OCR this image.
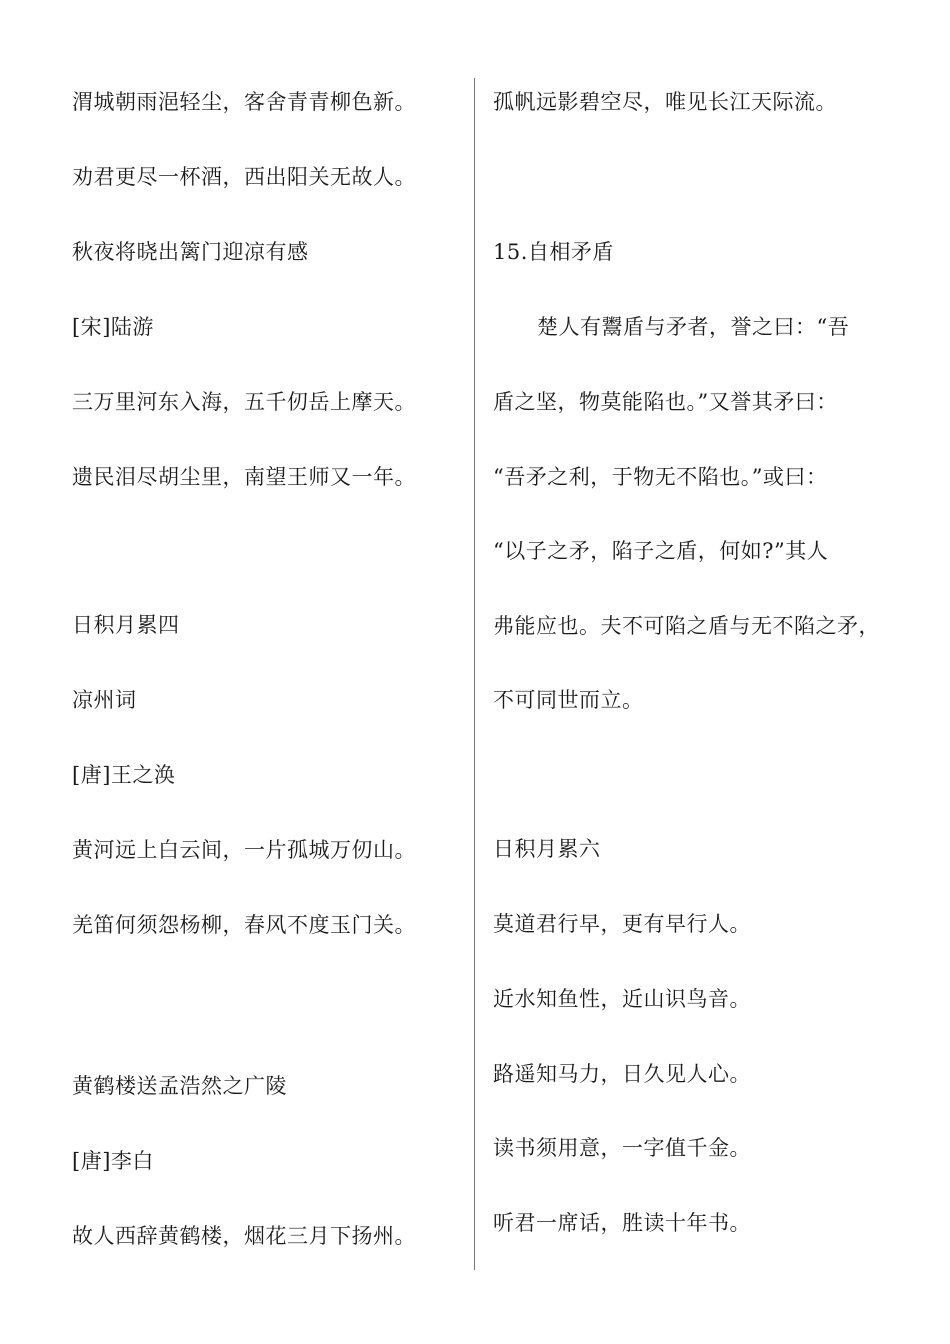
渭城朝雨浥轻尘，客舍青青柳色新。
劝君更尽一杯酒，西出阳关无故人。
秋夜将晓出篱门迎凉有感
[宋]陆游
三万里河东入海，五千仞岳上摩天。
遗民泪尽胡尘里，南望王师又一年。
日积月累四
凉州词
[唐]王之涣
黄河远上白云间，一片孤城万仞山。
羌笛何须怨杨柳，春风不度玉门关。
黄鹤楼送孟浩然之广陵
[唐]李白
故人西辞黄鹤楼，烟花三月下扬州。
孤帆远影碧空尽，唯见长江天际流。
15.自相矛盾
楚人有鬻盾与矛者，誉之曰：“吾
盾之坚，物莫能陷也。”又誉其矛曰：
“吾矛之利，于物无不陷也。”或曰：
“以子之矛，陷子之盾，何如?”其人
弗能应也。夫不可陷之盾与无不陷之矛，
不可同世而立。
日积月累六
莫道君行早，更有早行人。
近水知鱼性，近山识鸟音。
路遥知马力，日久见人心。
读书须用意，一字值千金。
听君一席话，胜读十年书。
